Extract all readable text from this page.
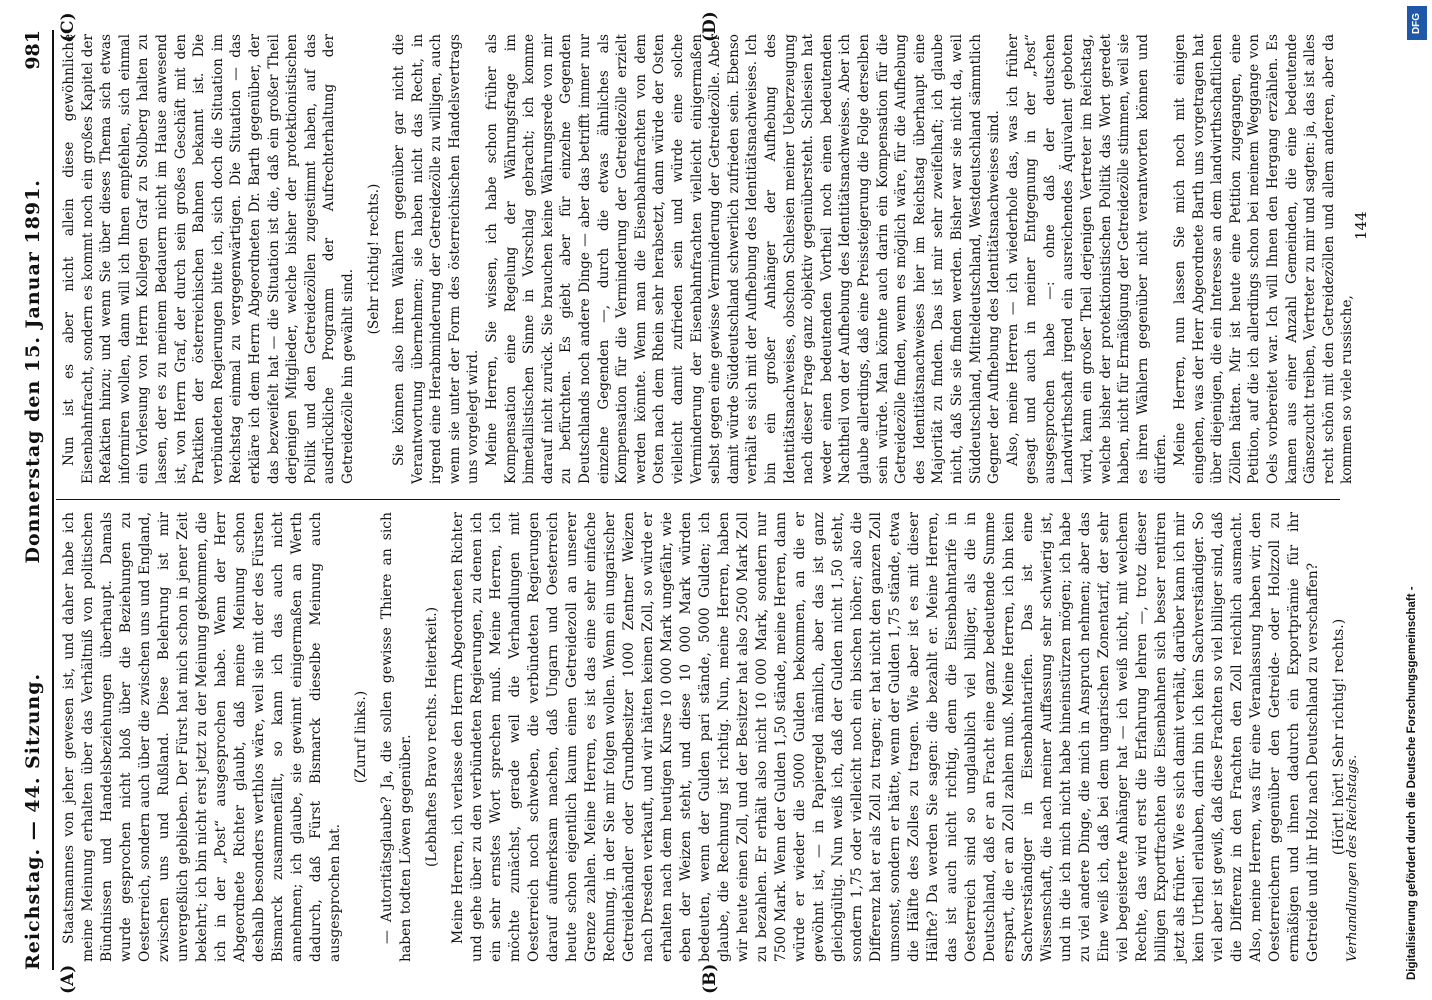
Reichstag. — 44. Sitzung.
Donnerstag den 15. Januar 1891.
981
(A)	(B)
(C)	(D)

Staatsmannes von jeher gewesen ist, und daher habe ich meine Meinung erhalten über das Verhältniß von politischen Bündnissen und Handelsbeziehungen überhaupt. Damals wurde gesprochen nicht bloß über die Beziehungen zu Oesterreich, sondern auch über die zwischen uns und England, zwischen uns und Rußland. Diese Belehrung ist mir unvergeßlich geblieben. Der Fürst hat mich schon in jener Zeit bekehrt; ich bin nicht erst jetzt zu der Meinung gekommen, die ich in der „Post“ ausgesprochen habe. Wenn der Herr Abgeordnete Richter glaubt, daß meine Meinung schon deshalb besonders werthlos wäre, weil sie mit der des Fürsten Bismarck zusammenfällt, so kann ich das auch nicht annehmen; ich glaube, sie gewinnt einigermaßen an Werth dadurch, daß Fürst Bismarck dieselbe Meinung auch ausgesprochen hat.

(Zuruf links.) — Autoritätsglaube? Ja, die sollen gewisse Thiere an sich haben todten Löwen gegenüber. (Lebhaftes Bravo rechts. Heiterkeit.) Meine Herren, ich verlasse den Herrn Abgeordneten Richter und gehe über zu den verbündeten Regierungen, zu denen ich ein sehr ernstes Wort sprechen muß. Meine Herren, ich möchte zunächst, gerade weil die Verhandlungen mit Oesterreich noch schweben, die verbündeten Regierungen darauf aufmerksam machen, daß Ungarn und Oesterreich heute schon eigentlich kaum einen Getreidezoll an unserer Grenze zahlen. Meine Herren, es ist das eine sehr einfache Rechnung, in der Sie mir folgen wollen. Wenn ein ungarischer Getreidehändler oder Grundbesitzer 1000 Zentner Weizen nach Dresden verkauft, und wir hätten keinen Zoll, so würde er erhalten nach dem heutigen Kurse 10 000 Mark ungefähr, wie eben der Weizen steht, und diese 10 000 Mark würden bedeuten, wenn der Gulden pari stände, 5000 Gulden; ich glaube, die Rechnung ist richtig. Nun, meine Herren, haben wir heute einen Zoll, und der Besitzer hat also 2500 Mark Zoll zu bezahlen. Er erhält also nicht 10 000 Mark, sondern nur 7500 Mark. Wenn der Gulden 1,50 stände, meine Herren, dann würde er wieder die 5000 Gulden bekommen, an die er gewöhnt ist, — in Papiergeld nämlich, aber das ist ganz gleichgültig. Nun weiß ich, daß der Gulden nicht 1,50 steht, sondern 1,75 oder vielleicht noch ein bischen höher; also die Differenz hat er als Zoll zu tragen; er hat nicht den ganzen Zoll umsonst, sondern er hätte, wenn der Gulden 1,75 stände, etwa die Hälfte des Zolles zu tragen. Wie aber ist es mit dieser Hälfte? Da werden Sie sagen: die bezahlt er. Meine Herren, das ist auch nicht richtig, denn die Eisenbahntarife in Oesterreich sind so unglaublich viel billiger, als die in Deutschland, daß er an Fracht eine ganz bedeutende Summe erspart, die er an Zoll zahlen muß. Meine Herren, ich bin kein Sachverständiger in Eisenbahntarifen. Das ist eine Wissenschaft, die nach meiner Auffassung sehr schwierig ist, und in die ich mich nicht habe hineinstürzen mögen; ich habe zu viel andere Dinge, die mich in Anspruch nehmen; aber das Eine weiß ich, daß bei dem ungarischen Zonentarif, der sehr viel begeisterte Anhänger hat — ich weiß nicht, mit welchem Rechte, das wird erst die Erfahrung lehren —, trotz dieser billigen Exportfrachten die Eisenbahnen sich besser rentiren jetzt als früher. Wie es sich damit verhält, darüber kann ich mir kein Urtheil erlauben, darin bin ich kein Sachverständiger. So viel aber ist gewiß, daß diese Frachten so viel billiger sind, daß die Differenz in den Frachten den Zoll reichlich ausmacht. Also, meine Herren, was für eine Veranlassung haben wir, den Oesterreichern gegenüber den Getreide- oder Holzzoll zu ermäßigen und ihnen dadurch ein Exportprämie für ihr Getreide und ihr Holz nach Deutschland zu verschaffen? (Hört! hört! Sehr richtig! rechts.)

Nun ist es aber nicht allein diese gewöhnliche Eisenbahnfracht, sondern es kommt noch ein großes Kapitel der Refaktien hinzu; und wenn Sie über dieses Thema sich etwas informiren wollen, dann will ich Ihnen empfehlen, sich einmal ein Vorlesung von Herrn Kollegen Graf zu Stolberg halten zu lassen, der es zu meinem Bedauern nicht im Hause anwesend ist, von Herrn Graf, der durch sein großes Geschäft mit den Praktiken der österreichischen Bahnen bekannt ist. Die verbündeten Regierungen bitte ich, sich doch die Situation im Reichstag einmal zu vergegenwärtigen. Die Situation — das erkläre ich dem Herrn Abgeordneten Dr. Barth gegenüber, der das bezweifelt hat — die Situation ist die, daß ein großer Theil derjenigen Mitglieder, welche bisher der protektionistischen Politik und den Getreidezöllen zugestimmt haben, auf das ausdrückliche Programm der Aufrechterhaltung der Getreidezölle hin gewählt sind.

(Sehr richtig! rechts.) Sie können also ihren Wählern gegenüber gar nicht die Verantwortung übernehmen; sie haben nicht das Recht, in irgend eine Herabminderung der Getreidezölle zu willigen, auch wenn sie unter der Form des österreichischen Handelsvertrags uns vorgelegt wird. Meine Herren, Sie wissen, ich habe schon früher als Kompensation eine Regelung der Währungsfrage im bimetallistischen Sinne in Vorschlag gebracht; ich komme darauf nicht zurück. Sie brauchen keine Währungsrede von mir zu befürchten. Es giebt aber für einzelne Gegenden Deutschlands noch andere Dinge — aber das betrifft immer nur einzelne Gegenden —, durch die etwas ähnliches als Kompensation für die Verminderung der Getreidezölle erzielt werden könnte. Wenn man die Eisenbahnfrachten von dem Osten nach dem Rhein sehr herabsetzt, dann würde der Osten vielleicht damit zufrieden sein und würde eine solche Verminderung der Eisenbahnfrachten vielleicht einigermaßen selbst gegen eine gewisse Verminderung der Getreidezölle. Aber damit würde Süddeutschland schwerlich zufrieden sein. Ebenso verhält es sich mit der Aufhebung des Identitätsnachweises. Ich bin ein großer Anhänger der Aufhebung des Identitätsnachweises, obschon Schlesien meiner Ueberzeugung nach dieser Frage ganz objektiv gegenübersteht. Schlesien hat weder einen bedeutenden Vortheil noch einen bedeutenden Nachtheil von der Aufhebung des Identitätsnachweises. Aber ich glaube allerdings, daß eine Preissteigerung die Folge derselben sein würde. Man könnte auch darin ein Kompensation für die Getreidezölle finden, wenn es möglich wäre, für die Aufhebung des Identitätsnachweises hier im Reichstag überhaupt eine Majorität zu finden. Das ist mir sehr zweifelhaft; ich glaube nicht, daß Sie sie finden werden. Bisher war sie nicht da, weil Süddeutschland, Mitteldeutschland, Westdeutschland sämmtlich Gegner der Aufhebung des Identitätsnachweises sind. Also, meine Herren — ich wiederhole das, was ich früher gesagt und auch in meiner Entgegnung in der „Post“ ausgesprochen habe —: ohne daß der deutschen Landwirthschaft irgend ein ausreichendes Äquivalent geboten wird, kann ein großer Theil derjenigen Vertreter im Reichstag, welche bisher der protektionistischen Politik das Wort geredet haben, nicht für Ermäßigung der Getreidezölle stimmen, weil sie es ihren Wählern gegenüber nicht verantworten können und dürfen. Meine Herren, nun lassen Sie mich noch mit einigen eingehen, was der Herr Abgeordnete Barth uns vorgetragen hat über diejenigen, die ein Interesse an dem landwirthschaftlichen Zöllen hätten. Mir ist heute eine Petition zugegangen, eine Petition, auf die ich allerdings schon bei meinem Weggange von Oels vorbereitet war. Ich will Ihnen den Hergang erzählen. Es kamen aus einer Anzahl Gemeinden, die eine bedeutende Gänsezucht treiben, Vertreter zu mir und sagten: ja, das ist alles recht schön mit den Getreidezöllen und allem anderen, aber da kommen so viele russische,

Verhandlungen des Reichstags.
144
DFG
Digitalisierung gefördert durch die Deutsche Forschungsgemeinschaft -
